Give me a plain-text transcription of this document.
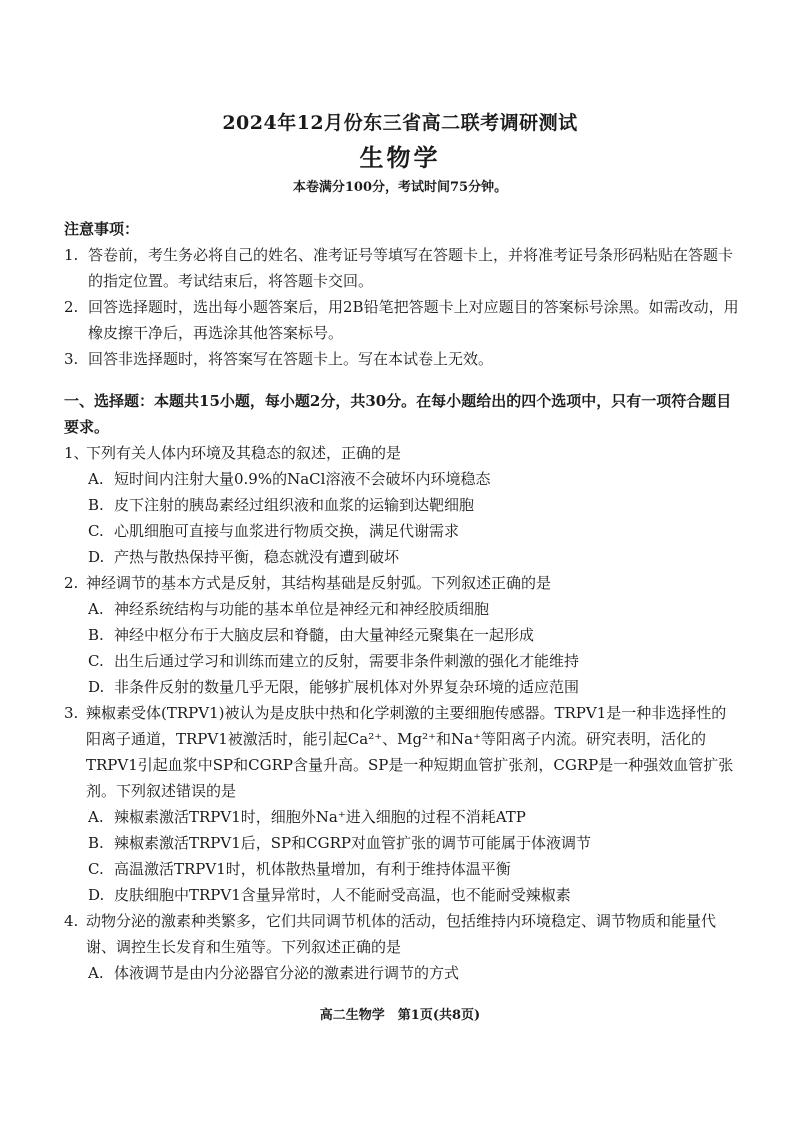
2024年12月份东三省高二联考调研测试
生物学
本卷满分100分，考试时间75分钟。
注意事项：
1. 答卷前，考生务必将自己的姓名、准考证号等填写在答题卡上，并将准考证号条形码粘贴在答题卡的指定位置。考试结束后，将答题卡交回。
2. 回答选择题时，选出每小题答案后，用2B铅笔把答题卡上对应题目的答案标号涂黑。如需改动，用橡皮擦干净后，再选涂其他答案标号。
3. 回答非选择题时，将答案写在答题卡上。写在本试卷上无效。
一、选择题：本题共15小题，每小题2分，共30分。在每小题给出的四个选项中，只有一项符合题目要求。
1、
下列有关人体内环境及其稳态的叙述，正确的是
A. 短时间内注射大量0.9%的NaCl溶液不会破坏内环境稳态
B. 皮下注射的胰岛素经过组织液和血浆的运输到达靶细胞
C. 心肌细胞可直接与血浆进行物质交换，满足代谢需求
D. 产热与散热保持平衡，稳态就没有遭到破坏
2. 神经调节的基本方式是反射，其结构基础是反射弧。下列叙述正确的是
A. 神经系统结构与功能的基本单位是神经元和神经胶质细胞
B. 神经中枢分布于大脑皮层和脊髓，由大量神经元聚集在一起形成
C. 出生后通过学习和训练而建立的反射，需要非条件刺激的强化才能维持
D. 非条件反射的数量几乎无限，能够扩展机体对外界复杂环境的适应范围
3. 辣椒素受体(TRPV1)被认为是皮肤中热和化学刺激的主要细胞传感器。TRPV1是一种非选择性的阳离子通道，TRPV1被激活时，能引起Ca²⁺、Mg²⁺和Na⁺等阳离子内流。研究表明，活化的TRPV1引起血浆中SP和CGRP含量升高。SP是一种短期血管扩张剂，CGRP是一种强效血管扩张剂。下列叙述错误的是
A. 辣椒素激活TRPV1时，细胞外Na⁺进入细胞的过程不消耗ATP
B. 辣椒素激活TRPV1后，SP和CGRP对血管扩张的调节可能属于体液调节
C. 高温激活TRPV1时，机体散热量增加，有利于维持体温平衡
D. 皮肤细胞中TRPV1含量异常时，人不能耐受高温，也不能耐受辣椒素
4. 动物分泌的激素种类繁多，它们共同调节机体的活动，包括维持内环境稳定、调节物质和能量代谢、调控生长发育和生殖等。下列叙述正确的是
A. 体液调节是由内分泌器官分泌的激素进行调节的方式
高二生物学　第1页(共8页)
